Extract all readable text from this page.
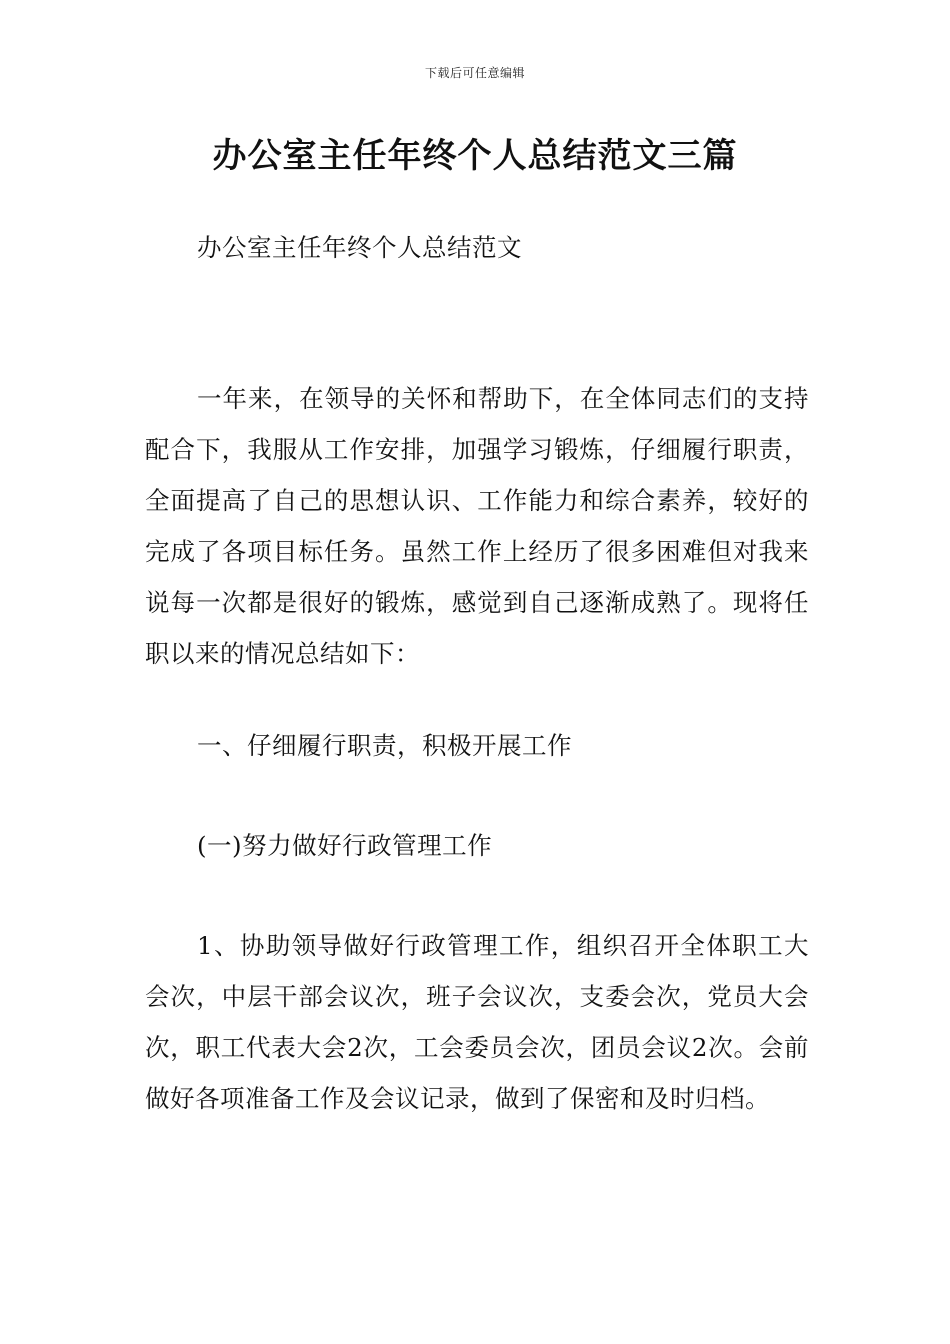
下载后可任意编辑
办公室主任年终个人总结范文三篇

办公室主任年终个人总结范文

一年来，在领导的关怀和帮助下，在全体同志们的支持配合下，我服从工作安排，加强学习锻炼，仔细履行职责，全面提高了自己的思想认识、工作能力和综合素养，较好的完成了各项目标任务。虽然工作上经历了很多困难但对我来说每一次都是很好的锻炼，感觉到自己逐渐成熟了。现将任职以来的情况总结如下：

一、仔细履行职责，积极开展工作

(一)努力做好行政管理工作

1、协助领导做好行政管理工作，组织召开全体职工大会次，中层干部会议次，班子会议次，支委会次，党员大会次，职工代表大会2次，工会委员会次，团员会议2次。会前做好各项准备工作及会议记录，做到了保密和及时归档。
